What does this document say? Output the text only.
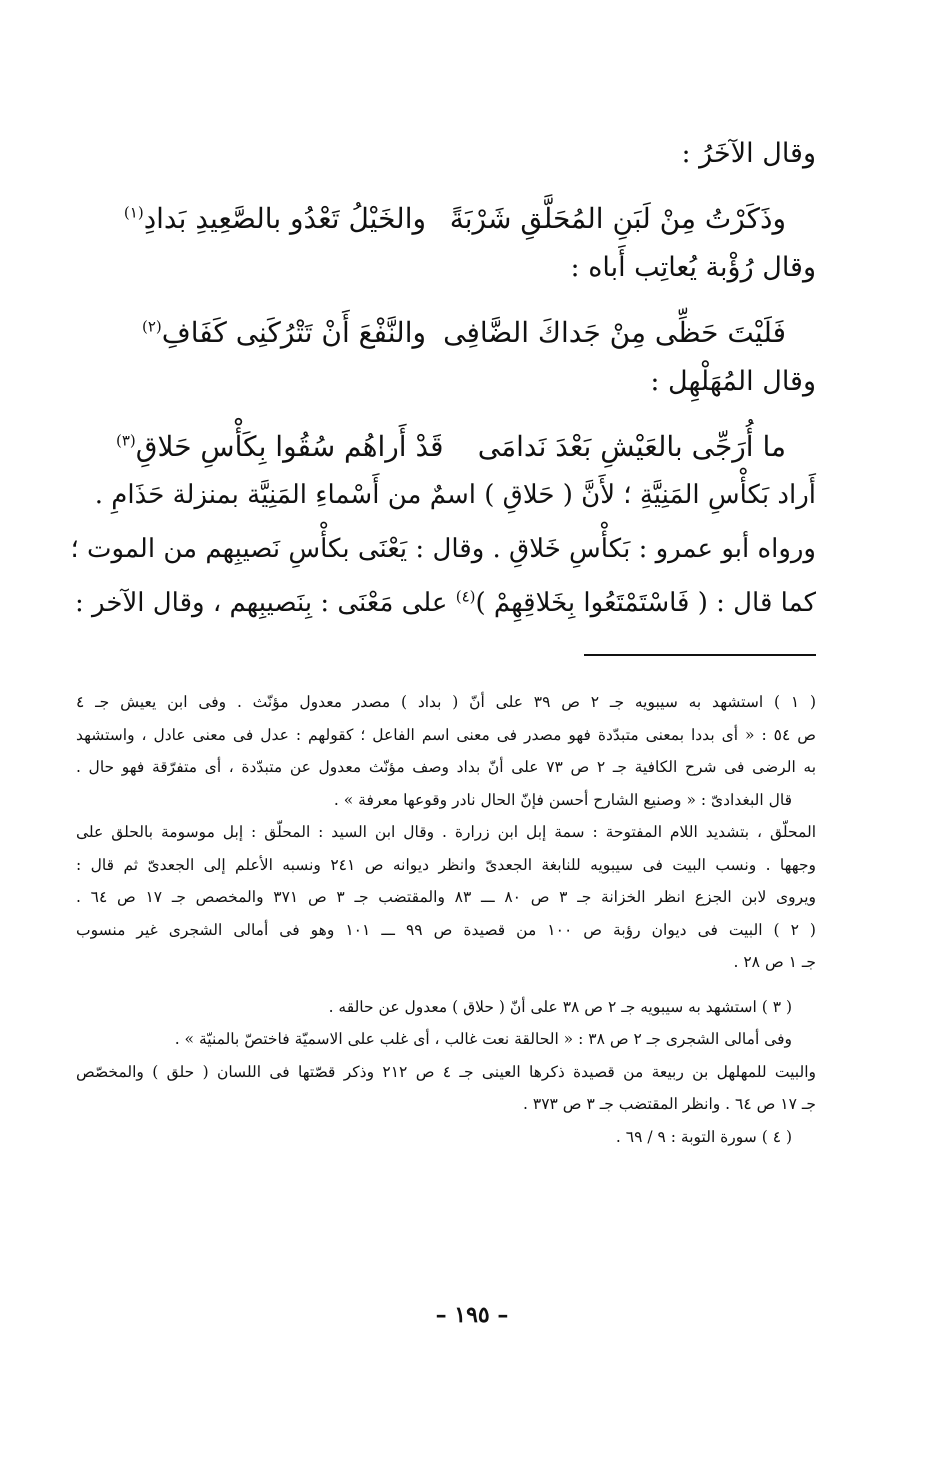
وقال الآخَرُ :

وذَكَرْتُ مِنْ لَبَنِ المُحَلَّقِ شَرْبَةً
والخَيْلُ تَعْدُو بالصَّعِيدِ بَدادِ$^{(١)}$

وقال رُؤْبة يُعاتِب أَباه :

فَلَيْتَ حَظِّى مِنْ جَداكَ الضَّافِى
والنَّفْعَ أَنْ تَتْرُكَنِى كَفَافِ$^{(٢)}$

وقال المُهَلْهِل :

ما أُرَجِّى بالعَيْشِ بَعْدَ نَدامَى
قَدْ أَراهُم سُقُوا بِكَأْسِ حَلاقِ$^{(٣)}$

أَراد بَكأْسِ المَنِيَّةِ ؛ لأَنَّ ( حَلاقِ ) اسمٌ من أَسْماءِ المَنِيَّة بمنزلة حَذَامِ .

ورواه أبو عمرو : بَكأْسِ خَلاقِ . وقال : يَعْنَى بكأْسِ نَصيبِهم من الموت ؛

كما قال : ( فَاسْتَمْتَعُوا بِخَلاقِهِمْ )$^{(٤)}$ على مَعْنَى : بِنَصيبِهم ، وقال الآخر :

( ١ ) استشهد به سيبويه جـ ٢ ص ٣٩ على أنّ ( بداد ) مصدر معدول مؤنّث . وفى ابن يعيش جـ ٤

ص ٥٤ : « أى بددا بمعنى متبدّدة فهو مصدر فى معنى اسم الفاعل ؛ كقولهم : عدل فى معنى عادل ، واستشهد

به الرضى فى شرح الكافية جـ ٢ ص ٧٣ على أنّ بداد وصف مؤنّث معدول عن متبدّدة ، أى متفرّقة فهو حال .

قال البغدادىّ : « وصنيع الشارح أحسن فإنّ الحال نادر وقوعها معرفة » .

المحلّق ، بتشديد اللام المفتوحة : سمة إبل ابن زرارة . وقال ابن السيد : المحلّق : إبل موسومة بالحلق على

وجهها . ونسب البيت فى سيبويه للنابغة الجعدىّ وانظر ديوانه ص ٢٤١ ونسبه الأعلم إلى الجعدىّ ثم قال :

ويروى لابن الجزع انظر الخزانة جـ ٣ ص ٨٠ ـــ ٨٣ والمقتضب جـ ٣ ص ٣٧١ والمخصص جـ ١٧ ص ٦٤ .

( ٢ ) البيت فى ديوان رؤبة ص ١٠٠ من قصيدة ص ٩٩ ـــ ١٠١ وهو فى أمالى الشجرى غير منسوب

جـ ١ ص ٢٨ .

( ٣ ) استشهد به سيبويه جـ ٢ ص ٣٨ على أنّ ( حلاق ) معدول عن حالقه .

وفى أمالى الشجرى جـ ٢ ص ٣٨ : « الحالقة نعت غالب ، أى غلب على الاسميّة فاختصّ بالمنيّة » .

والبيت للمهلهل بن ربيعة من قصيدة ذكرها العينى جـ ٤ ص ٢١٢ وذكر قصّتها فى اللسان ( حلق ) والمخصّص

جـ ١٧ ص ٦٤ . وانظر المقتضب جـ ٣ ص ٣٧٣ .

( ٤ ) سورة التوبة : ٩ / ٦٩ .

– ١٩٥ –
